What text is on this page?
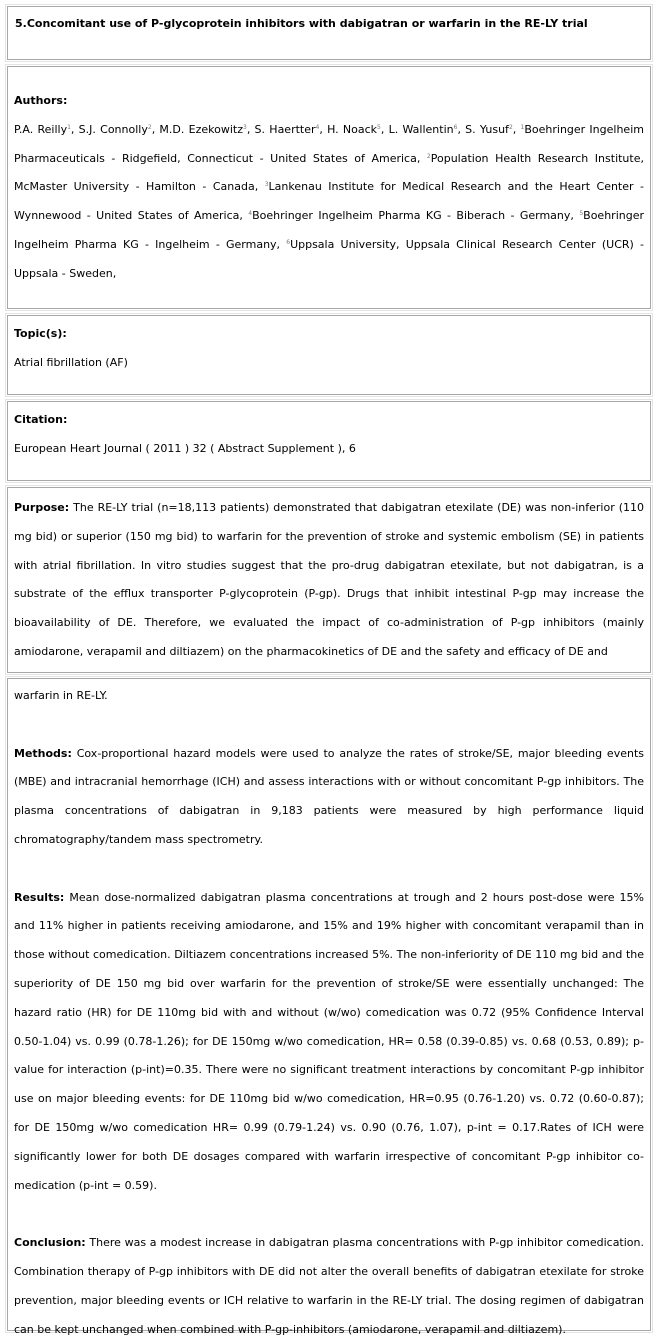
5.Concomitant use of P-glycoprotein inhibitors with dabigatran or warfarin in the RE-LY trial

Authors:

P.A. Reilly$^1$, S.J. Connolly$^2$, M.D. Ezekowitz$^3$, S. Haertter$^4$, H. Noack$^5$, L. Wallentin$^6$, S. Yusuf$^2$, $^1$Boehringer Ingelheim Pharmaceuticals - Ridgefield, Connecticut - United States of America, $^2$Population Health Research Institute, McMaster University - Hamilton - Canada, $^3$Lankenau Institute for Medical Research and the Heart Center - Wynnewood - United States of America, $^4$Boehringer Ingelheim Pharma KG - Biberach - Germany, $^5$Boehringer Ingelheim Pharma KG - Ingelheim - Germany, $^6$Uppsala University, Uppsala Clinical Research Center (UCR) - Uppsala - Sweden,

Topic(s):

Atrial fibrillation (AF)

Citation:

European Heart Journal ( 2011 ) 32 ( Abstract Supplement ), 6

Purpose: The RE-LY trial (n=18,113 patients) demonstrated that dabigatran etexilate (DE) was non-inferior (110 mg bid) or superior (150 mg bid) to warfarin for the prevention of stroke and systemic embolism (SE) in patients with atrial fibrillation. In vitro studies suggest that the pro-drug dabigatran etexilate, but not dabigatran, is a substrate of the efflux transporter P-glycoprotein (P-gp). Drugs that inhibit intestinal P-gp may increase the bioavailability of DE. Therefore, we evaluated the impact of co-administration of P-gp inhibitors (mainly amiodarone, verapamil and diltiazem) on the pharmacokinetics of DE and the safety and efficacy of DE and

warfarin in RE-LY.

Methods: Cox-proportional hazard models were used to analyze the rates of stroke/SE, major bleeding events (MBE) and intracranial hemorrhage (ICH) and assess interactions with or without concomitant P-gp inhibitors. The plasma concentrations of dabigatran in 9,183 patients were measured by high performance liquid chromatography/tandem mass spectrometry.

Results: Mean dose-normalized dabigatran plasma concentrations at trough and 2 hours post-dose were 15% and 11% higher in patients receiving amiodarone, and 15% and 19% higher with concomitant verapamil than in those without comedication. Diltiazem concentrations increased 5%. The non-inferiority of DE 110 mg bid and the superiority of DE 150 mg bid over warfarin for the prevention of stroke/SE were essentially unchanged: The hazard ratio (HR) for DE 110mg bid with and without (w/wo) comedication was 0.72 (95% Confidence Interval 0.50-1.04) vs. 0.99 (0.78-1.26); for DE 150mg w/wo comedication, HR= 0.58 (0.39-0.85) vs. 0.68 (0.53, 0.89); p-value for interaction (p-int)=0.35. There were no significant treatment interactions by concomitant P-gp inhibitor use on major bleeding events: for DE 110mg bid w/wo comedication, HR=0.95 (0.76-1.20) vs. 0.72 (0.60-0.87); for DE 150mg w/wo comedication HR= 0.99 (0.79-1.24) vs. 0.90 (0.76, 1.07), p-int = 0.17.Rates of ICH were significantly lower for both DE dosages compared with warfarin irrespective of concomitant P-gp inhibitor co-medication (p-int = 0.59).

Conclusion: There was a modest increase in dabigatran plasma concentrations with P-gp inhibitor comedication. Combination therapy of P-gp inhibitors with DE did not alter the overall benefits of dabigatran etexilate for stroke prevention, major bleeding events or ICH relative to warfarin in the RE-LY trial. The dosing regimen of dabigatran can be kept unchanged when combined with P-gp-inhibitors (amiodarone, verapamil and diltiazem).
